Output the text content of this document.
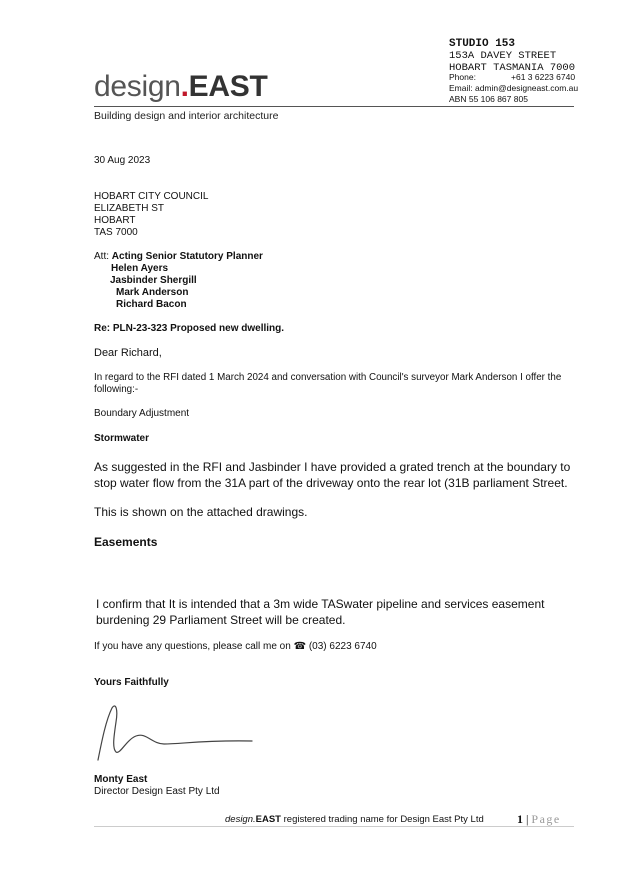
design.EAST
Building design and interior architecture
STUDIO 153
153A DAVEY STREET
HOBART TASMANIA 7000
Phone:	+61 3 6223 6740
Email: admin@designeast.com.au
ABN 55 106 867 805
30 Aug 2023
HOBART CITY COUNCIL
ELIZABETH ST
HOBART
TAS 7000
Att: Acting Senior Statutory Planner
Helen Ayers
Jasbinder Shergill
Mark Anderson
Richard Bacon
Re: PLN-23-323 Proposed new dwelling.
Dear Richard,
In regard to the RFI dated 1 March 2024 and conversation with Council's surveyor Mark Anderson I offer the following:-
Boundary Adjustment
Stormwater
As suggested in the RFI and Jasbinder I have provided a grated trench at the boundary to stop water flow from the 31A part of the driveway onto the rear lot (31B parliament Street.
This is shown on the attached drawings.
Easements
I confirm that It is intended that a 3m wide TASwater pipeline and services easement burdening 29 Parliament Street will be created.
If you have any questions, please call me on ☎ (03) 6223 6740
Yours Faithfully
Monty East
Director Design East Pty Ltd
design.EAST registered trading name for Design East Pty Ltd	1 | Page
